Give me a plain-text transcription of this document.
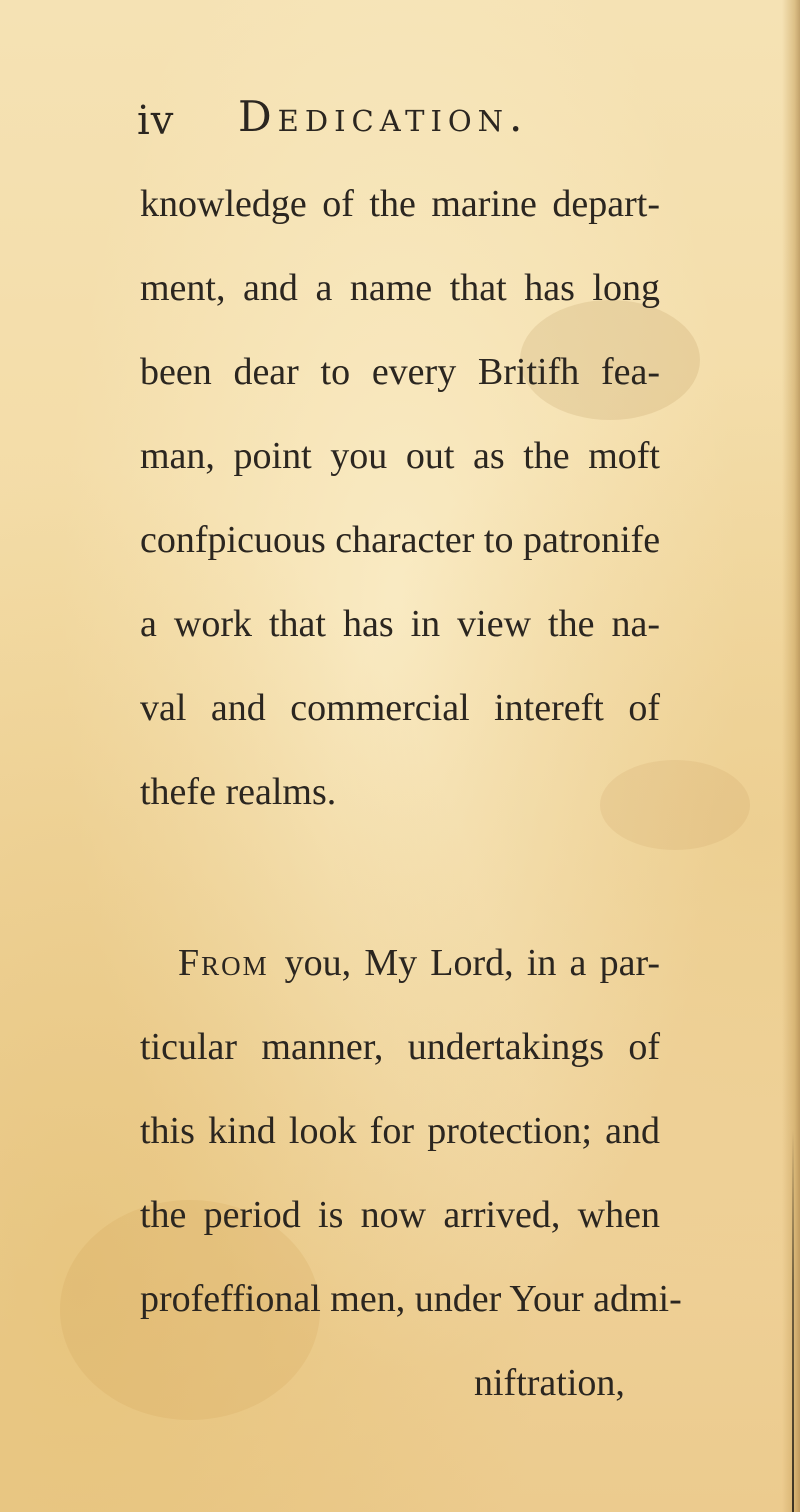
iv Dedication.
knowledge of the marine depart-
ment, and a name that has long
been dear to every Britifh fea-
man, point you out as the moft
confpicuous character to patronife
a work that has in view the na-
val and commercial intereft of
thefe realms.
From you, My Lord, in a par-
ticular manner, undertakings of
this kind look for protection; and
the period is now arrived, when
profeffional men, under Your admi-
niftration,
